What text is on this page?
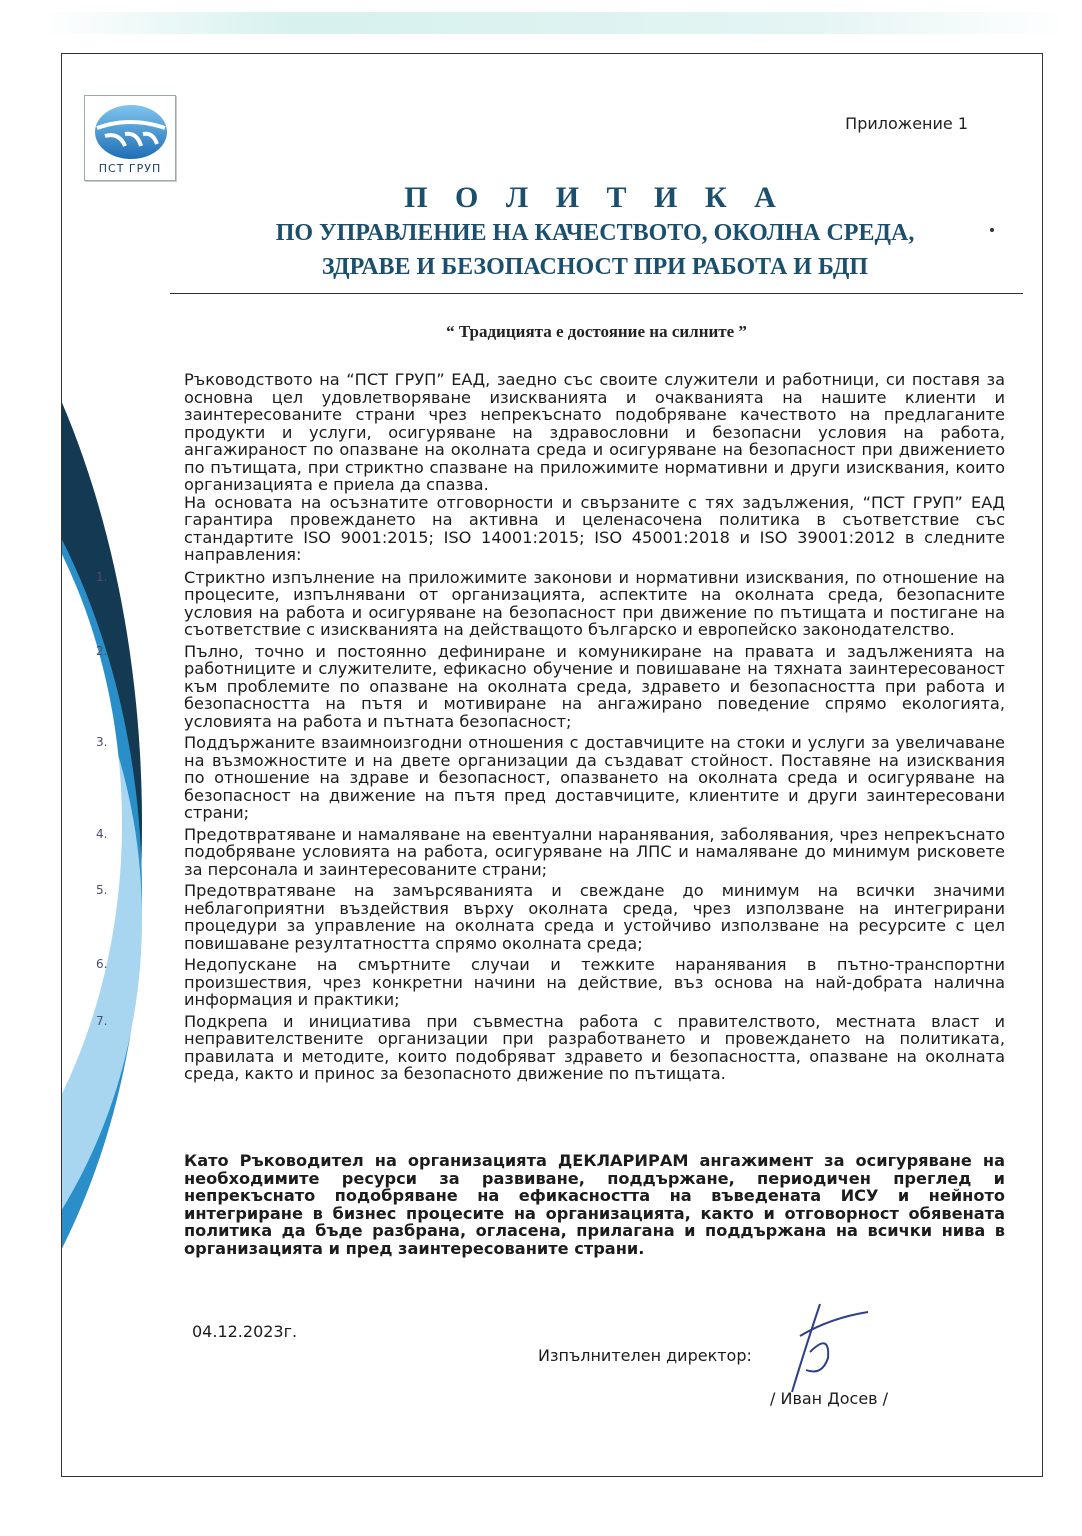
ПСТ ГРУП
Приложение 1
П О Л И Т И К А
ПО УПРАВЛЕНИЕ НА КАЧЕСТВОТО, ОКОЛНА СРЕДА,
ЗДРАВЕ И БЕЗОПАСНОСТ ПРИ РАБОТА И БДП
“ Традицията е достояние на силните ”

Ръководството на “ПСТ ГРУП” ЕАД, заедно със своите служители и работници, си поставя за основна цел удовлетворяване изискванията и очакванията на нашите клиенти и заинтересованите страни чрез непрекъснато подобряване качеството на предлаганите продукти и услуги, осигуряване на здравословни и безопасни условия на работа, ангажираност по опазване на околната среда и осигуряване на безопасност при движението по пътищата, при стриктно спазване на приложимите нормативни и други изисквания, които организацията е приела да спазва.

На основата на осъзнатите отговорности и свързаните с тях задължения, “ПСТ ГРУП” ЕАД гарантира провеждането на активна и целенасочена политика в съответствие със стандартите ISO 9001:2015; ISO 14001:2015; ISO 45001:2018 и ISO 39001:2012 в следните направления:

1.	Стриктно изпълнение на приложимите законови и нормативни изисквания, по отношение на процесите, изпълнявани от организацията, аспектите на околната среда, безопасните условия на работа и осигуряване на безопасност при движение по пътищата и постигане на съответствие с изискванията на действащото българско и европейско законодателство.
2.	Пълно, точно и постоянно дефиниране и комуникиране на правата и задълженията на работниците и служителите, ефикасно обучение и повишаване на тяхната заинтересованост към проблемите по опазване на околната среда, здравето и безопасността при работа и безопасността на пътя и мотивиране на ангажирано поведение спрямо екологията, условията на работа и пътната безопасност;
3.	Поддържаните взаимноизгодни отношения с доставчиците на стоки и услуги за увеличаване на възможностите и на двете организации да създават стойност. Поставяне на изисквания по отношение на здраве и безопасност, опазването на околната среда и осигуряване на безопасност на движение на пътя пред доставчиците, клиентите и други заинтересовани страни;
4.	Предотвратяване и намаляване на евентуални наранявания, заболявания, чрез непрекъснато подобряване условията на работа, осигуряване на ЛПС и намаляване до минимум рисковете за персонала и заинтересованите страни;
5.	Предотвратяване на замърсяванията и свеждане до минимум на всички значими неблагоприятни въздействия върху околната среда, чрез използване на интегрирани процедури за управление на околната среда и устойчиво използване на ресурсите с цел повишаване резултатността спрямо околната среда;
6.	Недопускане на смъртните случаи и тежките наранявания в пътно-транспортни произшествия, чрез конкретни начини на действие, въз основа на най-добрата налична информация и практики;
7.	Подкрепа и инициатива при съвместна работа с правителството, местната власт и неправителствените организации при разработването и провеждането на политиката, правилата и методите, които подобряват здравето и безопасността, опазване на околната среда, както и принос за безопасното движение по пътищата.
Като Ръководител на организацията ДЕКЛАРИРАМ ангажимент за осигуряване на необходимите ресурси за развиване, поддържане, периодичен преглед и непрекъснато подобряване на ефикасността на въведената ИСУ и нейното интегриране в бизнес процесите на организацията, както и отговорност обявената политика да бъде разбрана, огласена, прилагана и поддържана на всички нива в организацията и пред заинтересованите страни.
04.12.2023г.
Изпълнителен директор:
/ Иван Досев /
